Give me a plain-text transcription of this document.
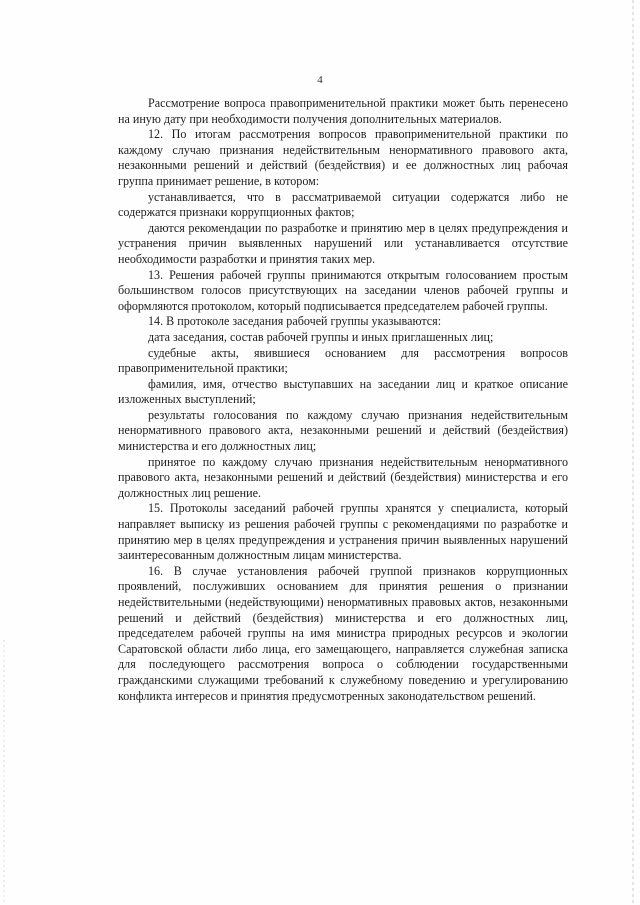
4

Рассмотрение вопроса правоприменительной практики может быть перенесено на иную дату при необходимости получения дополнительных материалов.

12. По итогам рассмотрения вопросов правоприменительной практики по каждому случаю признания недействительным ненормативного правового акта, незаконными решений и действий (бездействия) и ее должностных лиц рабочая группа принимает решение, в котором:

устанавливается, что в рассматриваемой ситуации содержатся либо не содержатся признаки коррупционных фактов;

даются рекомендации по разработке и принятию мер в целях предупреждения и устранения причин выявленных нарушений или устанавливается отсутствие необходимости разработки и принятия таких мер.

13. Решения рабочей группы принимаются открытым голосованием простым большинством голосов присутствующих на заседании членов рабочей группы и оформляются протоколом, который подписывается председателем рабочей группы.

14. В протоколе заседания рабочей группы указываются:

дата заседания, состав рабочей группы и иных приглашенных лиц;

судебные акты, явившиеся основанием для рассмотрения вопросов правоприменительной практики;

фамилия, имя, отчество выступавших на заседании лиц и краткое описание изложенных выступлений;

результаты голосования по каждому случаю признания недействительным ненормативного правового акта, незаконными решений и действий (бездействия) министерства и его должностных лиц;

принятое по каждому случаю признания недействительным ненормативного правового акта, незаконными решений и действий (бездействия) министерства и его должностных лиц решение.

15. Протоколы заседаний рабочей группы хранятся у специалиста, который направляет выписку из решения рабочей группы с рекомендациями по разработке и принятию мер в целях предупреждения и устранения причин выявленных нарушений заинтересованным должностным лицам министерства.

16. В случае установления рабочей группой признаков коррупционных проявлений, послуживших основанием для принятия решения о признании недействительными (недействующими) ненормативных правовых актов, незаконными решений и действий (бездействия) министерства и его должностных лиц, председателем рабочей группы на имя министра природных ресурсов и экологии Саратовской области либо лица, его замещающего, направляется служебная записка для последующего рассмотрения вопроса о соблюдении государственными гражданскими служащими требований к служебному поведению и урегулированию конфликта интересов и принятия предусмотренных законодательством решений.
